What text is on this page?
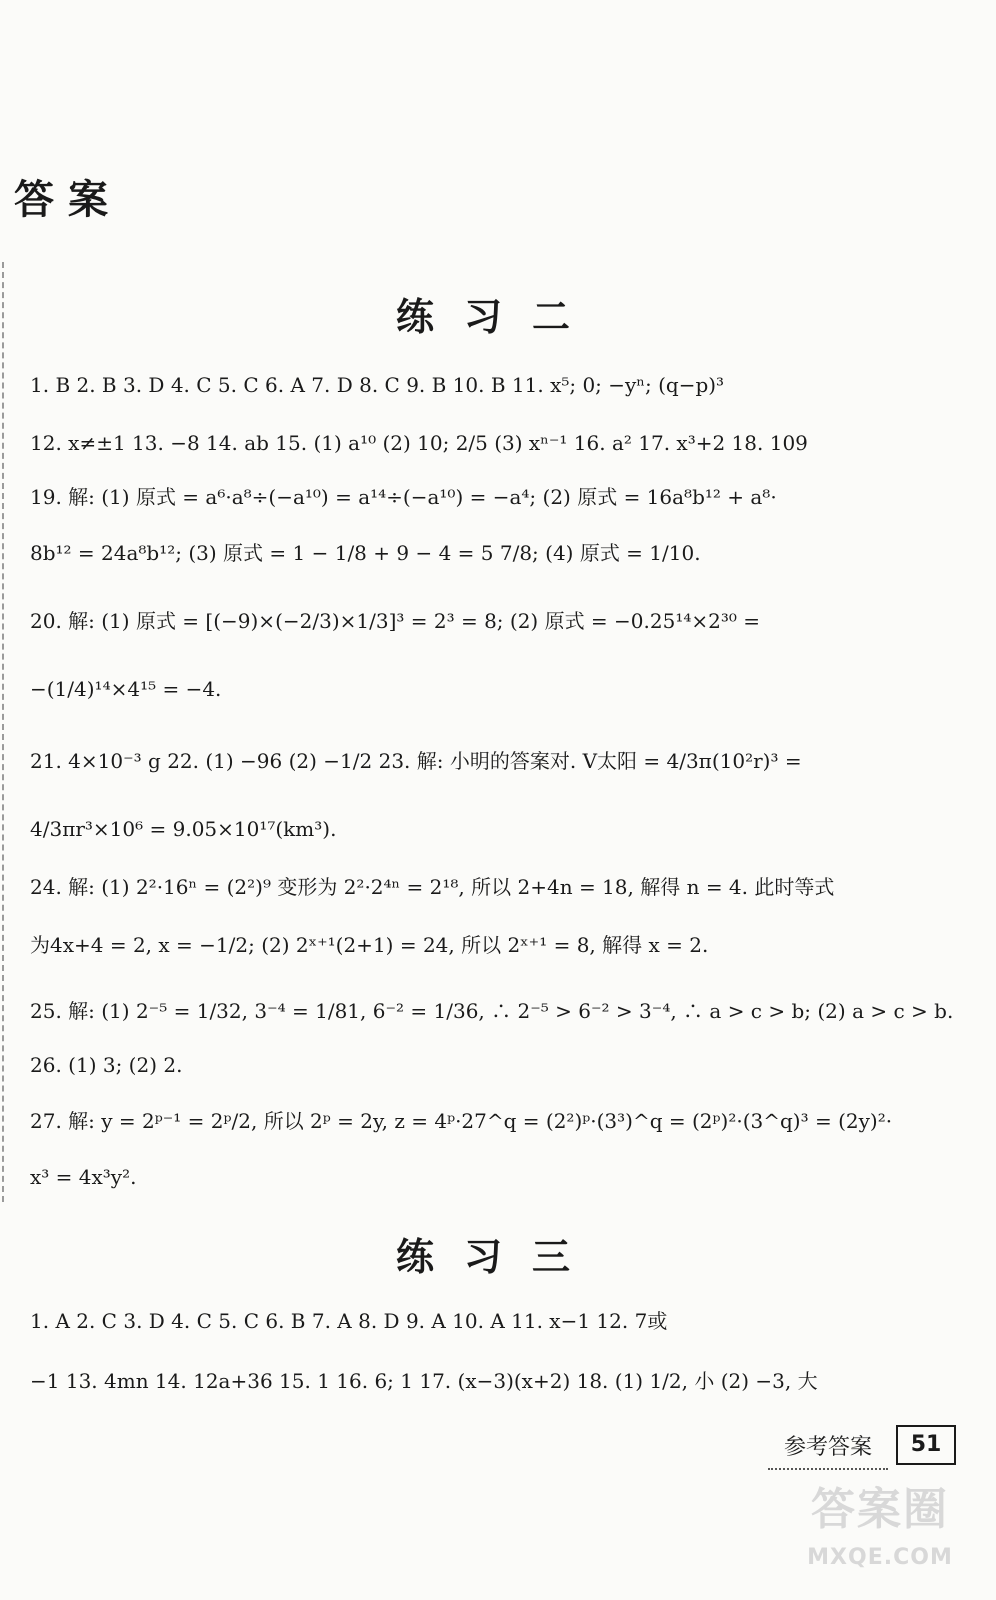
答案
练习二
1. B 2. B 3. D 4. C 5. C 6. A 7. D 8. C 9. B 10. B 11. x⁵; 0; −yⁿ; (q−p)³
12. x≠±1 13. −8 14. ab 15. (1) a¹⁰ (2) 10; 2/5 (3) xⁿ⁻¹ 16. a² 17. x³+2 18. 109
19. 解: (1) 原式 = a⁶·a⁸÷(−a¹⁰) = a¹⁴÷(−a¹⁰) = −a⁴; (2) 原式 = 16a⁸b¹² + a⁸·
8b¹² = 24a⁸b¹²; (3) 原式 = 1 − 1/8 + 9 − 4 = 5 7/8; (4) 原式 = 1/10.
20. 解: (1) 原式 = [(−9)×(−2/3)×1/3]³ = 2³ = 8; (2) 原式 = −0.25¹⁴×2³⁰ =
−(1/4)¹⁴×4¹⁵ = −4.
21. 4×10⁻³ g 22. (1) −96 (2) −1/2 23. 解: 小明的答案对. V太阳 = 4/3π(10²r)³ =
4/3πr³×10⁶ = 9.05×10¹⁷(km³).
24. 解: (1) 2²·16ⁿ = (2²)⁹ 变形为 2²·2⁴ⁿ = 2¹⁸, 所以 2+4n = 18, 解得 n = 4. 此时等式
为4x+4 = 2, x = −1/2; (2) 2ˣ⁺¹(2+1) = 24, 所以 2ˣ⁺¹ = 8, 解得 x = 2.
25. 解: (1) 2⁻⁵ = 1/32, 3⁻⁴ = 1/81, 6⁻² = 1/36, ∴ 2⁻⁵ > 6⁻² > 3⁻⁴, ∴ a > c > b; (2) a > c > b.
26. (1) 3; (2) 2.
27. 解: y = 2ᵖ⁻¹ = 2ᵖ/2, 所以 2ᵖ = 2y, z = 4ᵖ·27^q = (2²)ᵖ·(3³)^q = (2ᵖ)²·(3^q)³ = (2y)²·
x³ = 4x³y².
练习三
1. A 2. C 3. D 4. C 5. C 6. B 7. A 8. D 9. A 10. A 11. x−1 12. 7或
−1 13. 4mn 14. 12a+36 15. 1 16. 6; 1 17. (x−3)(x+2) 18. (1) 1/2, 小 (2) −3, 大
参考答案	51
答案圈
MXQE.COM
